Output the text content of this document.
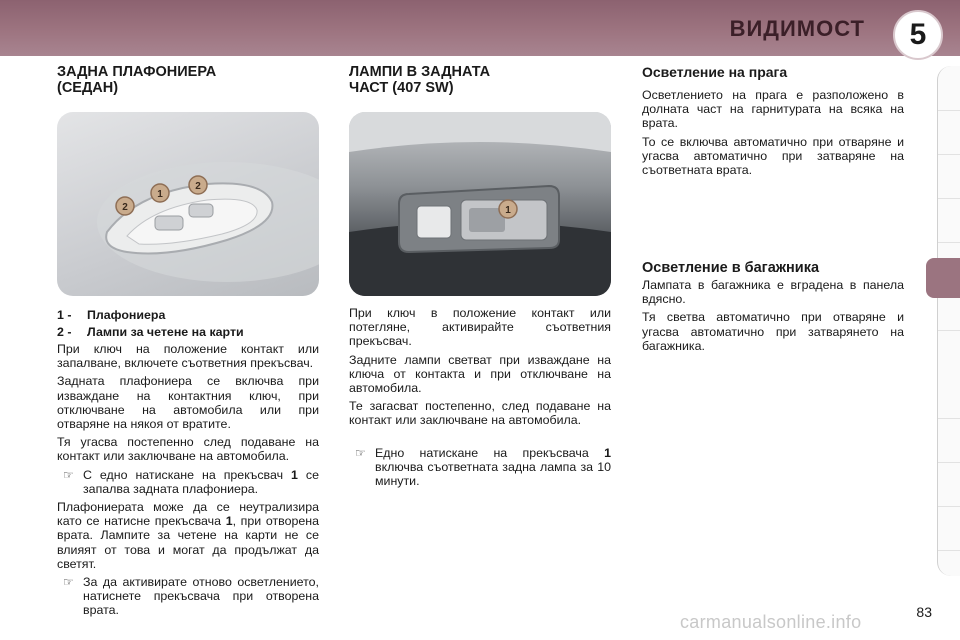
ВИДИМОСТ	5
ЗАДНА ПЛАФОНИЕРА
(СЕДАН)
2
1
2
1 - Плафониера
2 - Лампи за четене на карти

При ключ на положение контакт или запалване, включете съответния прекъсвач.

Задната плафониера се включва при изваждане на контактния ключ, при отключване на автомобила или при отваряне на някоя от вратите.

Тя угасва постепенно след подаване на контакт или заключване на автомобила.

☞ С едно натискане на прекъсвач 1 се запалва задната плафониера.

Плафониерата може да се неутрализира като се натисне прекъсвача 1, при отворена врата. Лампите за четене на карти не се влияят от това и могат да продължат да светят.

☞ За да активирате отново осветлението, натиснете прекъсвача при отворена врата.
ЛАМПИ В ЗАДНАТА
ЧАСТ (407 SW)
1

При ключ в положение контакт или потегляне, активирайте съответния прекъсвач.

Задните лампи светват при изваждане на ключа от контакта и при отключване на автомобила.

Те загасват постепенно, след подаване на контакт или заключване на автомобила.

☞ Едно натискане на прекъсвача 1 включва съответната задна лампа за 10 минути.
Осветление на прага

Осветлението на прага е разположено в долната част на гарнитурата на всяка на врата.

То се включва автоматично при отваряне и угасва автоматично при затваряне на съответната врата.

Осветление в багажника

Лампата в багажника е вградена в панела вдясно.

Тя светва автоматично при отваряне и угасва автоматично при затварянето на багажника.

83
carmanualsonline.info
